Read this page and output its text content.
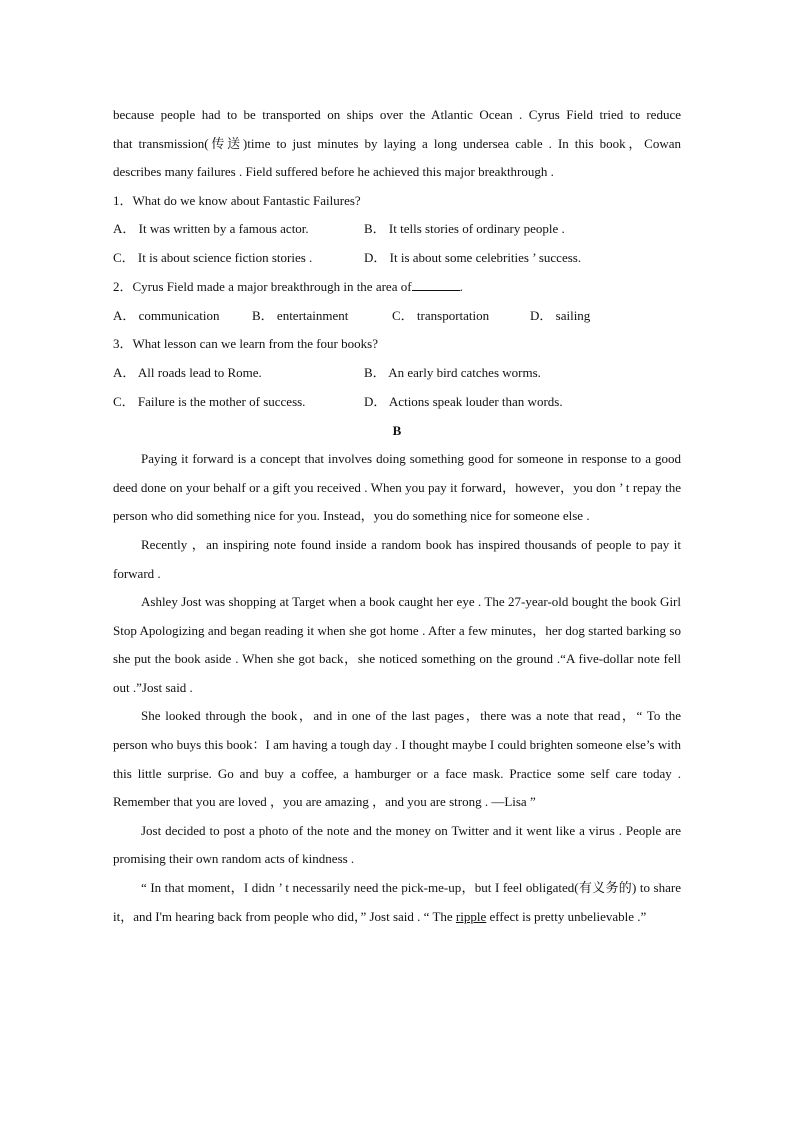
because people had to be transported on ships over the Atlantic Ocean . Cyrus Field tried to reduce
that transmission(传送)time to just minutes by laying a long undersea cable . In this book，Cowan
describes many failures . Field suffered before he achieved this major breakthrough .
1．What do we know about Fantastic Failures?
A． It was written by a famous actor.	B． It tells stories of ordinary people .
C． It is about science fiction stories .	D． It is about some celebrities ’ success.
2．Cyrus Field made a major breakthrough in the area of	.
A． communication	B． entertainment	C． transportation	D． sailing
3．What lesson can we learn from the four books?
A． All roads lead to Rome.	B． An early bird catches worms.
C． Failure is the mother of success.	D． Actions speak louder than words.
B

Paying it forward is a concept that involves doing something good for someone in response to a good deed done on your behalf or a gift you received . When you pay it forward，however，you don ’ t repay the person who did something nice for you. Instead，you do something nice for someone else .

Recently ，an inspiring note found inside a random book has inspired thousands of people to pay it forward .

Ashley Jost was shopping at Target when a book caught her eye . The 27-year-old bought the book Girl Stop Apologizing and began reading it when she got home . After a few minutes，her dog started barking so she put the book aside . When she got back，she noticed something on the ground .“A five-dollar note fell out .”Jost said .

She looked through the book，and in one of the last pages，there was a note that read，“ To the person who buys this book：I am having a tough day . I thought maybe I could brighten someone else’s with this little surprise. Go and buy a coffee, a hamburger or a face mask. Practice some self care today . Remember that you are loved ，you are amazing ，and you are strong . —Lisa ”

Jost decided to post a photo of the note and the money on Twitter and it went like a virus . People are promising their own random acts of kindness .

“ In that moment，I didn ’ t necessarily need the pick-me-up，but I feel obligated(有义务的) to share it，and I'm hearing back from people who did，” Jost said . “ The ripple effect is pretty unbelievable .”
